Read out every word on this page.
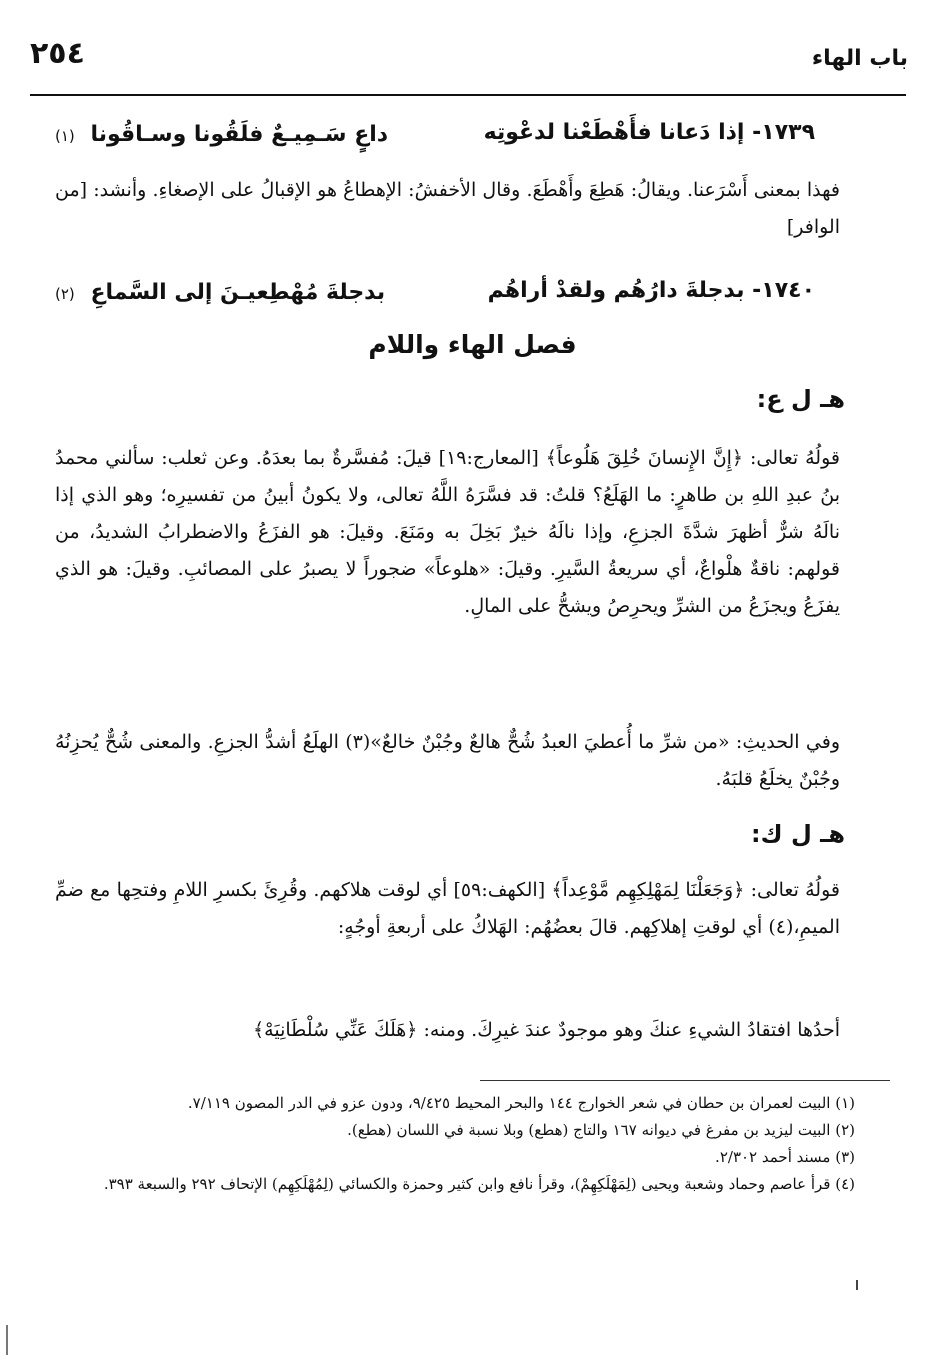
باب الهاء
٢٥٤
١٧٣٩- إذا دَعانا فأَهْطَعْنا لدعْوتِه
داعٍ سَـمِيـعٌ فلَقُونا وسـاقُونا (١)
فهذا بمعنى أَسْرَعنا. ويقالُ: هَطِعَ وأَهْطَعَ. وقال الأخفشُ: الإهطاعُ هو الإقبالُ على الإصغاءِ. وأنشد: [من الوافر]
١٧٤٠- بدجلةَ دارُهُم ولقدْ أراهُم
بدجلةَ مُهْطِعيـنَ إلى السَّماعِ (٢)
فصل الهاء واللام
هـ ل ع:
قولُهُ تعالى: ﴿إِنَّ الإِنسانَ خُلِقَ هَلُوعاً﴾ [المعارج:١٩] قيلَ: مُفسَّرةٌ بما بعدَهُ. وعن ثعلب: سألني محمدُ بنُ عبدِ اللهِ بن طاهرٍ: ما الهَلَعُ؟ قلتُ: قد فسَّرَهُ اللَّهُ تعالى، ولا يكونُ أبينُ من تفسيرِه؛ وهو الذي إذا نالَهُ شرٌّ أظهرَ شدَّةَ الجزعِ، وإذا نالَهُ خيرٌ بَخِلَ به ومَنَعَ. وقيلَ: هو الفزَعُ والاضطرابُ الشديدُ، من قولهم: ناقةٌ هلْواعٌ، أي سريعةُ السَّيرِ. وقيلَ: «هلوعاً» ضجوراً لا يصبرُ على المصائبِ. وقيلَ: هو الذي يفزَعُ ويجزَعُ من الشرِّ ويحرِصُ ويشحُّ على المالِ.
وفي الحديثِ: «من شرِّ ما أُعطيَ العبدُ شُحٌّ هالعٌ وجُبْنٌ خالعٌ»(٣) الهلَعُ أشدُّ الجزعِ. والمعنى شُحٌّ يُحزِنُهُ وجُبْنٌ يخلَعُ قلبَهُ.
هـ ل ك:
قولُهُ تعالى: ﴿وَجَعَلْنَا لِمَهْلِكِهِم مَّوْعِداً﴾ [الكهف:٥٩] أي لوقت هلاكهم. وقُرِئَ بكسرِ اللامِ وفتحِها مع ضمِّ الميمِ،(٤) أي لوقتِ إهلاكِهم. قالَ بعضُهُم: الهَلاكُ على أربعةِ أوجُهٍ:
أحدُها افتقادُ الشيءِ عنكَ وهو موجودٌ عندَ غيرِكَ. ومنه: ﴿هَلَكَ عَنِّي سُلْطَانِيَهْ﴾
(١) البيت لعمران بن حطان في شعر الخوارج ١٤٤ والبحر المحيط ٩/٤٢٥، ودون عزو في الدر المصون ٧/١١٩.
(٢) البيت ليزيد بن مفرغ في ديوانه ١٦٧ والتاج (هطع) وبلا نسبة في اللسان (هطع).
(٣) مسند أحمد ٢/٣٠٢.
(٤) قرأ عاصم وحماد وشعبة ويحيى (لِمَهْلَكِهِمْ)، وقرأ نافع وابن كثير وحمزة والكسائي (لِمُهْلَكِهِم) الإتحاف ٢٩٢ والسبعة ٣٩٣.
